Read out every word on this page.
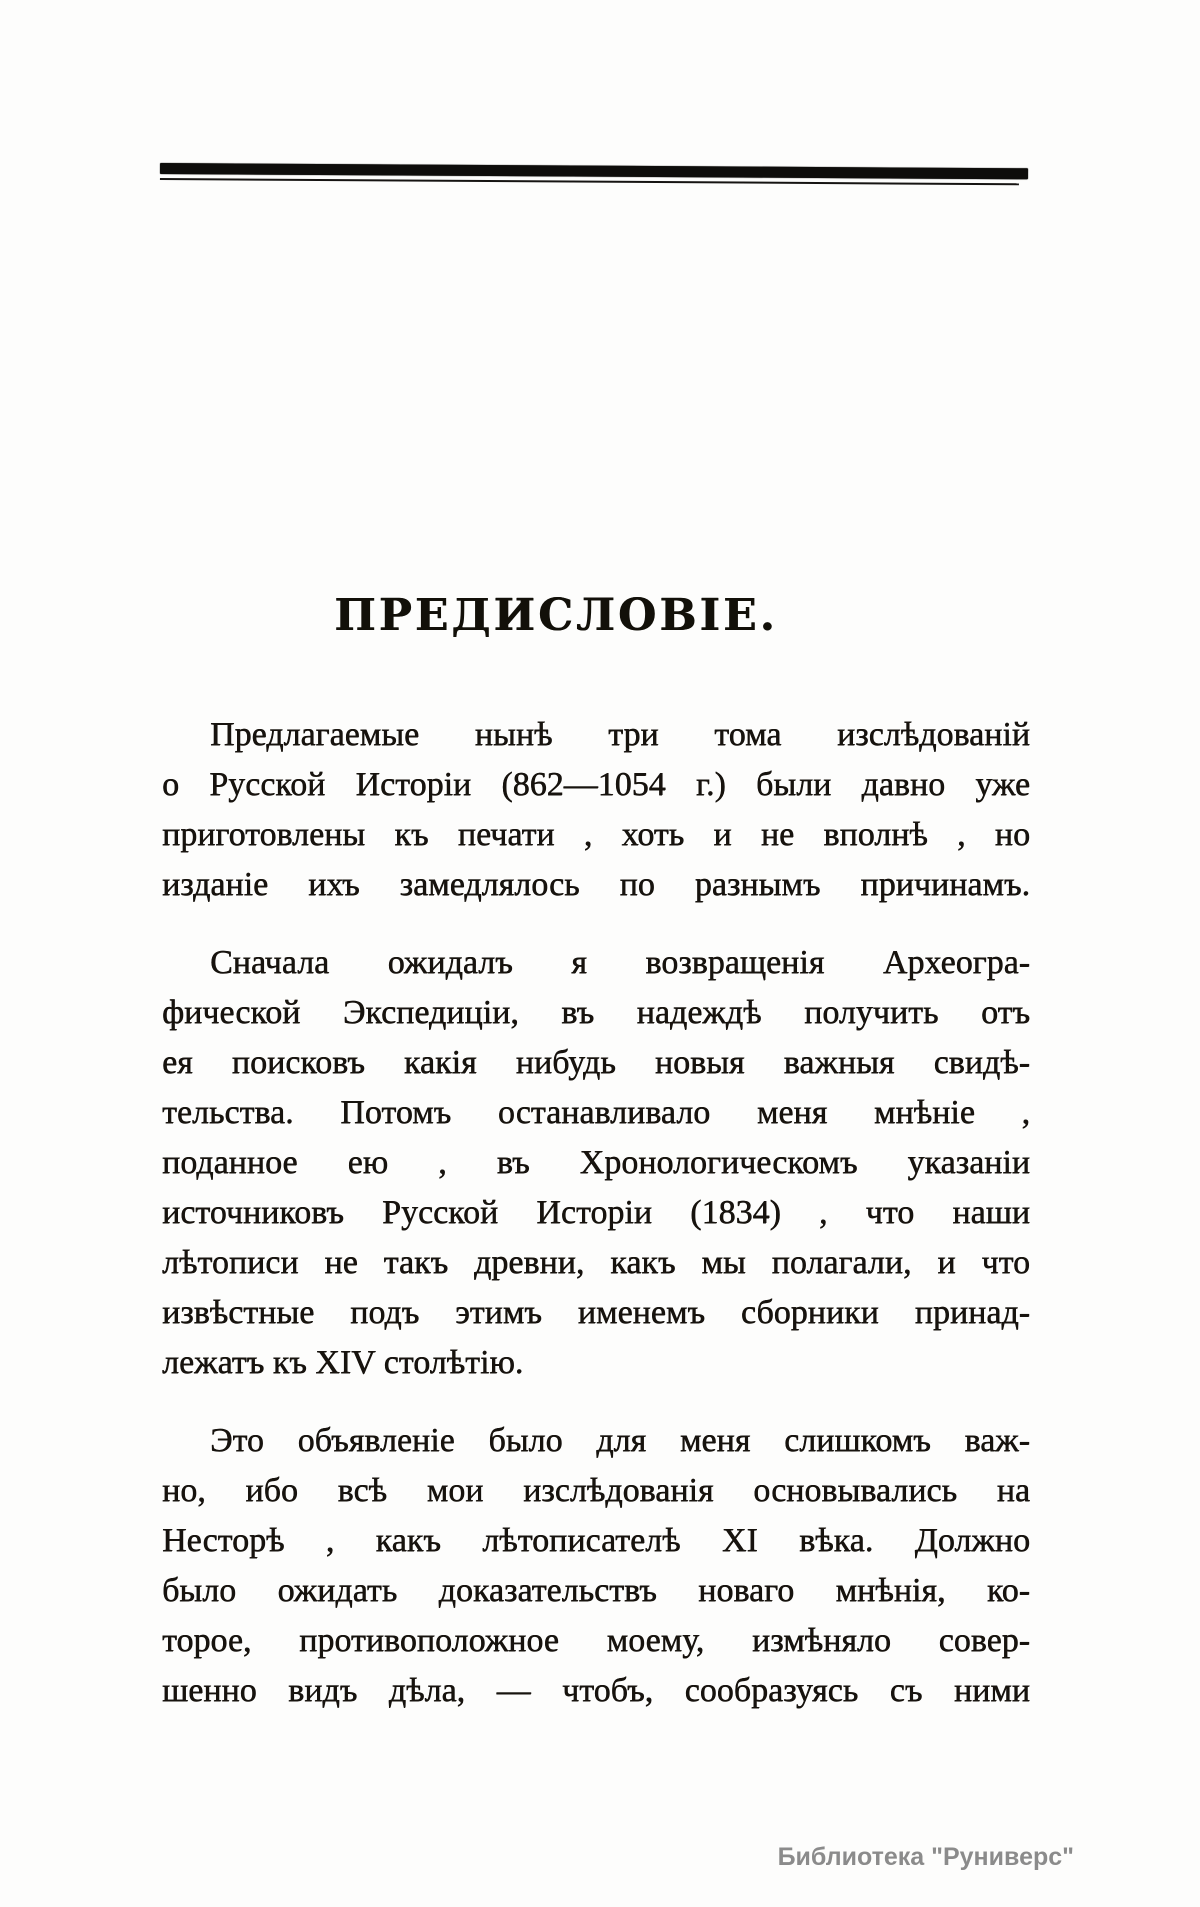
ПРЕДИСЛОВІЕ.
Предлагаемые нынѣ три тома изслѣдованій
о Русской Исторіи (862—1054 г.) были давно уже
приготовлены къ печати , хоть и не вполнѣ , но
изданіе ихъ замедлялось по разнымъ причинамъ.
Сначала ожидалъ я возвращенія Археогра-
фической Экспедиціи, въ надеждѣ получить отъ
ея поисковъ какія нибудь новыя важныя свидѣ-
тельства. Потомъ останавливало меня мнѣніе ,
поданное ею , въ Хронологическомъ указаніи
источниковъ Русской Исторіи (1834) , что наши
лѣтописи не такъ древни, какъ мы полагали, и что
извѣстные подъ этимъ именемъ сборники принад-
лежатъ къ XIV столѣтію.
Это объявленіе было для меня слишкомъ важ-
но, ибо всѣ мои изслѣдованія основывались на
Несторѣ , какъ лѣтописателѣ XI вѣка. Должно
было ожидать доказательствъ новаго мнѣнія, ко-
торое, противоположное моему, измѣняло совер-
шенно видъ дѣла, — чтобъ, сообразуясь съ ними
Библиотека "Руниверс"
